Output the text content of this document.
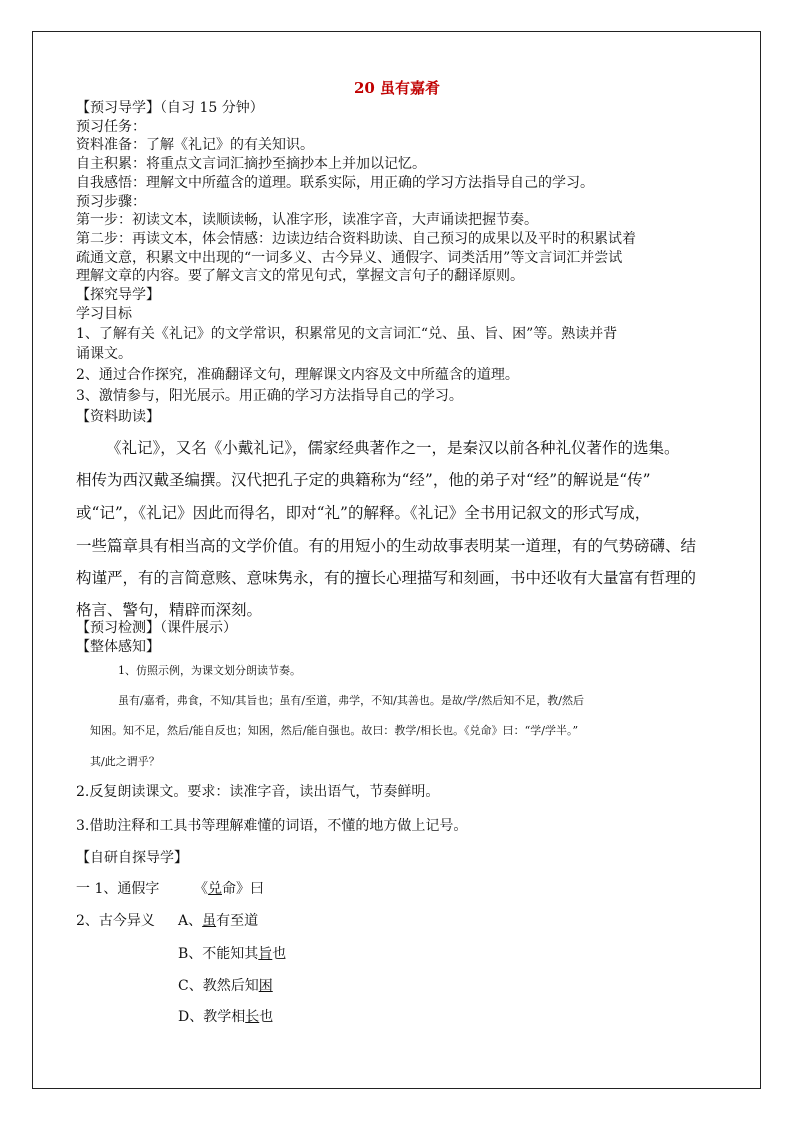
20 虽有嘉肴
【预习导学】（自习 15 分钟）
预习任务：
资料准备：了解《礼记》的有关知识。
自主积累：将重点文言词汇摘抄至摘抄本上并加以记忆。
自我感悟：理解文中所蕴含的道理。联系实际，用正确的学习方法指导自己的学习。
预习步骤：
第一步：初读文本，读顺读畅，认准字形，读准字音，大声诵读把握节奏。
第二步：再读文本，体会情感：边读边结合资料助读、自己预习的成果以及平时的积累试着
疏通文意，积累文中出现的“一词多义、古今异义、通假字、词类活用”等文言词汇并尝试
理解文章的内容。要了解文言文的常见句式，掌握文言句子的翻译原则。
【探究导学】
学习目标
1、了解有关《礼记》的文学常识，积累常见的文言词汇“兑、虽、旨、困”等。熟读并背
诵课文。
2、通过合作探究，准确翻译文句，理解课文内容及文中所蕴含的道理。
3、激情参与，阳光展示。用正确的学习方法指导自己的学习。
【资料助读】
《礼记》，又名《小戴礼记》，儒家经典著作之一，是秦汉以前各种礼仪著作的选集。
相传为西汉戴圣编撰。汉代把孔子定的典籍称为“经”，他的弟子对“经”的解说是“传”
或“记”，《礼记》因此而得名，即对“礼”的解释。《礼记》全书用记叙文的形式写成，
一些篇章具有相当高的文学价值。有的用短小的生动故事表明某一道理，有的气势磅礴、结
构谨严，有的言简意赅、意味隽永，有的擅长心理描写和刻画，书中还收有大量富有哲理的
格言、警句，精辟而深刻。
【预习检测】（课件展示）
【整体感知】
1、仿照示例，为课文划分朗读节奏。
虽有/嘉肴，弗食，不知/其旨也；虽有/至道，弗学，不知/其善也。是故/学/然后知不足，教/然后
知困。知不足，然后/能自反也；知困，然后/能自强也。故曰：教学/相长也。《兑命》曰：“学/学半。”
其/此之谓乎？
2.反复朗读课文。要求：读准字音，读出语气，节奏鲜明。
3.借助注释和工具书等理解难懂的词语，不懂的地方做上记号。
【自研自探导学】
一 1、通假字 《兑命》曰
2、古今异义 A、虽有至道
B、不能知其旨也
C、教然后知困
D、教学相长也
